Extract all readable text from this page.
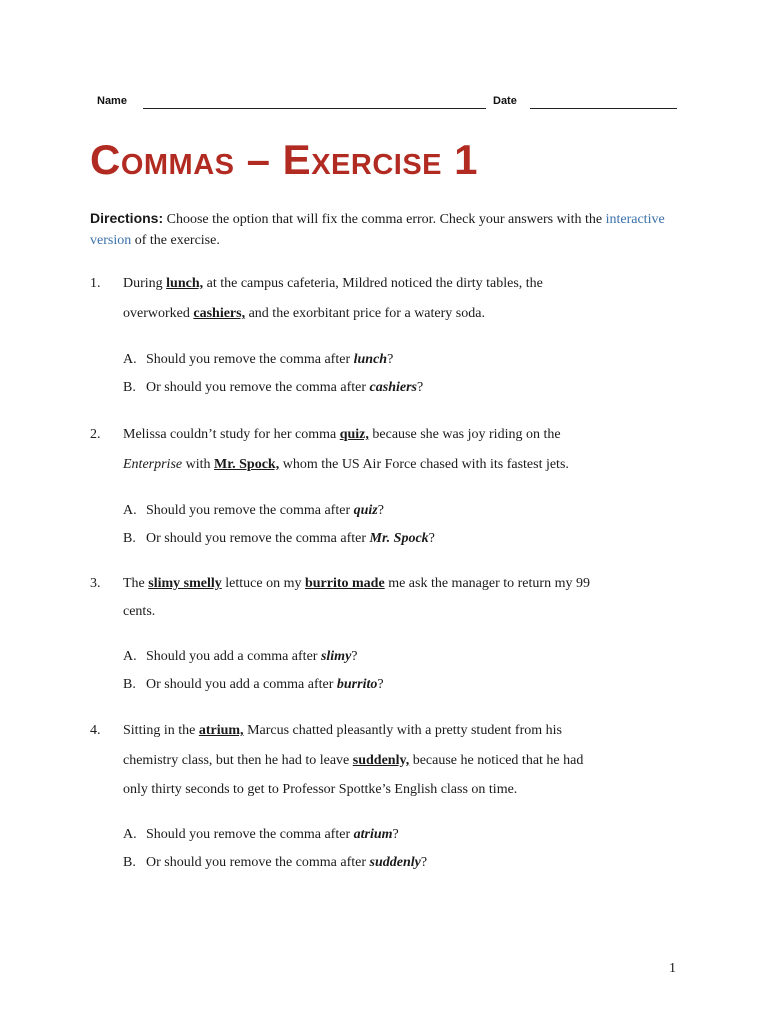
Name	Date
Commas – Exercise 1
Directions: Choose the option that will fix the comma error. Check your answers with the interactive version of the exercise.
1. During lunch, at the campus cafeteria, Mildred noticed the dirty tables, the
overworked cashiers, and the exorbitant price for a watery soda.
A. Should you remove the comma after lunch?
B. Or should you remove the comma after cashiers?
2. Melissa couldn’t study for her comma quiz, because she was joy riding on the
Enterprise with Mr. Spock, whom the US Air Force chased with its fastest jets.
A. Should you remove the comma after quiz?
B. Or should you remove the comma after Mr. Spock?
3. The slimy smelly lettuce on my burrito made me ask the manager to return my 99
cents.
A. Should you add a comma after slimy?
B. Or should you add a comma after burrito?
4. Sitting in the atrium, Marcus chatted pleasantly with a pretty student from his
chemistry class, but then he had to leave suddenly, because he noticed that he had
only thirty seconds to get to Professor Spottke’s English class on time.
A. Should you remove the comma after atrium?
B. Or should you remove the comma after suddenly?
1
